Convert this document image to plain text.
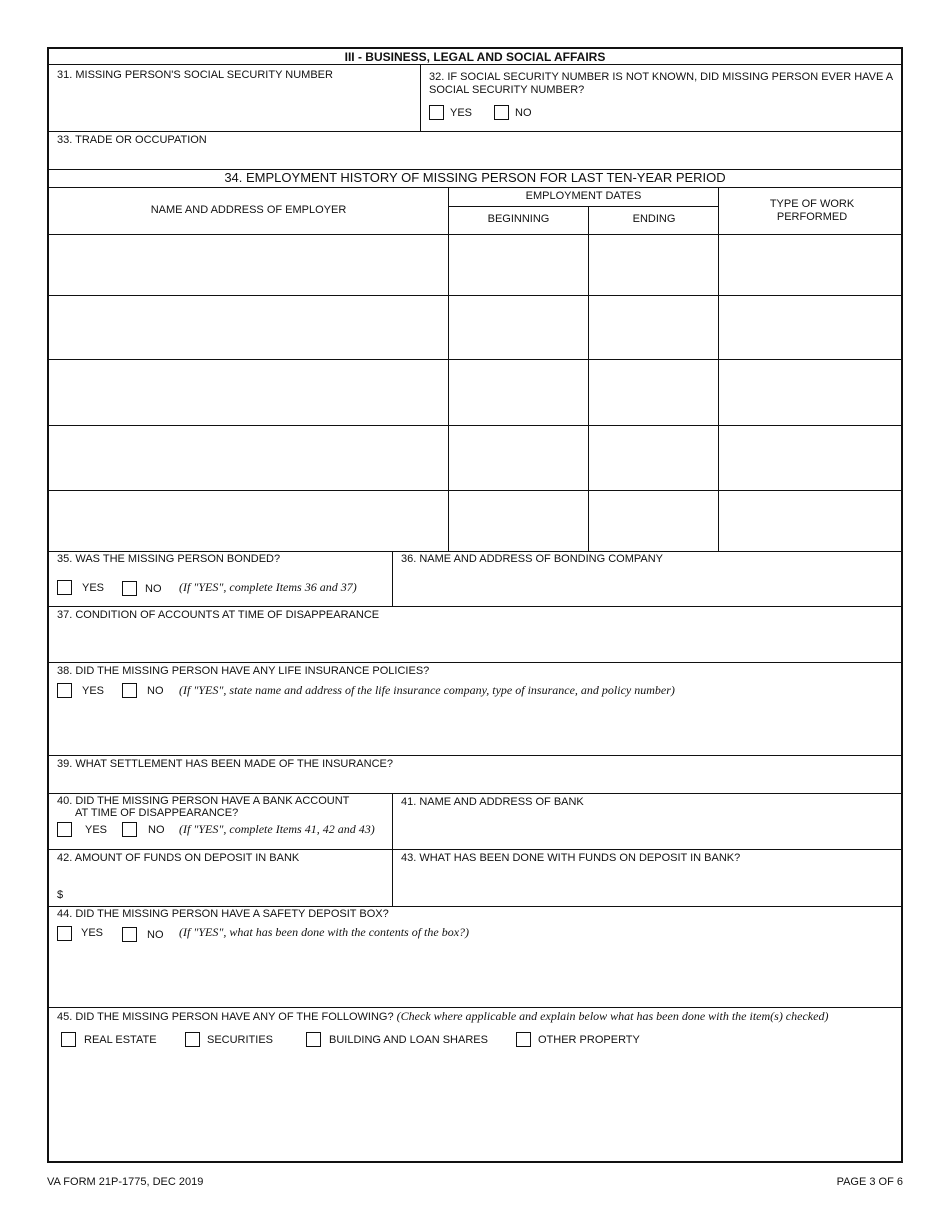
III - BUSINESS, LEGAL AND SOCIAL AFFAIRS
31. MISSING PERSON'S SOCIAL SECURITY NUMBER	32. IF SOCIAL SECURITY NUMBER IS NOT KNOWN, DID MISSING PERSON EVER HAVE A SOCIAL SECURITY NUMBER?
YES	NO
33. TRADE OR OCCUPATION
34. EMPLOYMENT HISTORY OF MISSING PERSON FOR LAST TEN-YEAR PERIOD
NAME AND ADDRESS OF EMPLOYER
EMPLOYMENT DATES
BEGINNING	ENDING
TYPE OF WORK PERFORMED
35. WAS THE MISSING PERSON BONDED?
YES	NO (If "YES", complete Items 36 and 37)
36. NAME AND ADDRESS OF BONDING COMPANY
37. CONDITION OF ACCOUNTS AT TIME OF DISAPPEARANCE
38. DID THE MISSING PERSON HAVE ANY LIFE INSURANCE POLICIES?
YES	NO (If "YES", state name and address of the life insurance company, type of insurance, and policy number)
39. WHAT SETTLEMENT HAS BEEN MADE OF THE INSURANCE?
40. DID THE MISSING PERSON HAVE A BANK ACCOUNT
AT TIME OF DISAPPEARANCE?
YES	NO (If "YES", complete Items 41, 42 and 43)
41. NAME AND ADDRESS OF BANK
42. AMOUNT OF FUNDS ON DEPOSIT IN BANK
$
43. WHAT HAS BEEN DONE WITH FUNDS ON DEPOSIT IN BANK?
44. DID THE MISSING PERSON HAVE A SAFETY DEPOSIT BOX?
YES	NO (If "YES", what has been done with the contents of the box?)
45. DID THE MISSING PERSON HAVE ANY OF THE FOLLOWING? (Check where applicable and explain below what has been done with the item(s) checked)
REAL ESTATE	SECURITIES	BUILDING AND LOAN SHARES	OTHER PROPERTY
VA FORM 21P-1775, DEC 2019	PAGE 3 OF 6
